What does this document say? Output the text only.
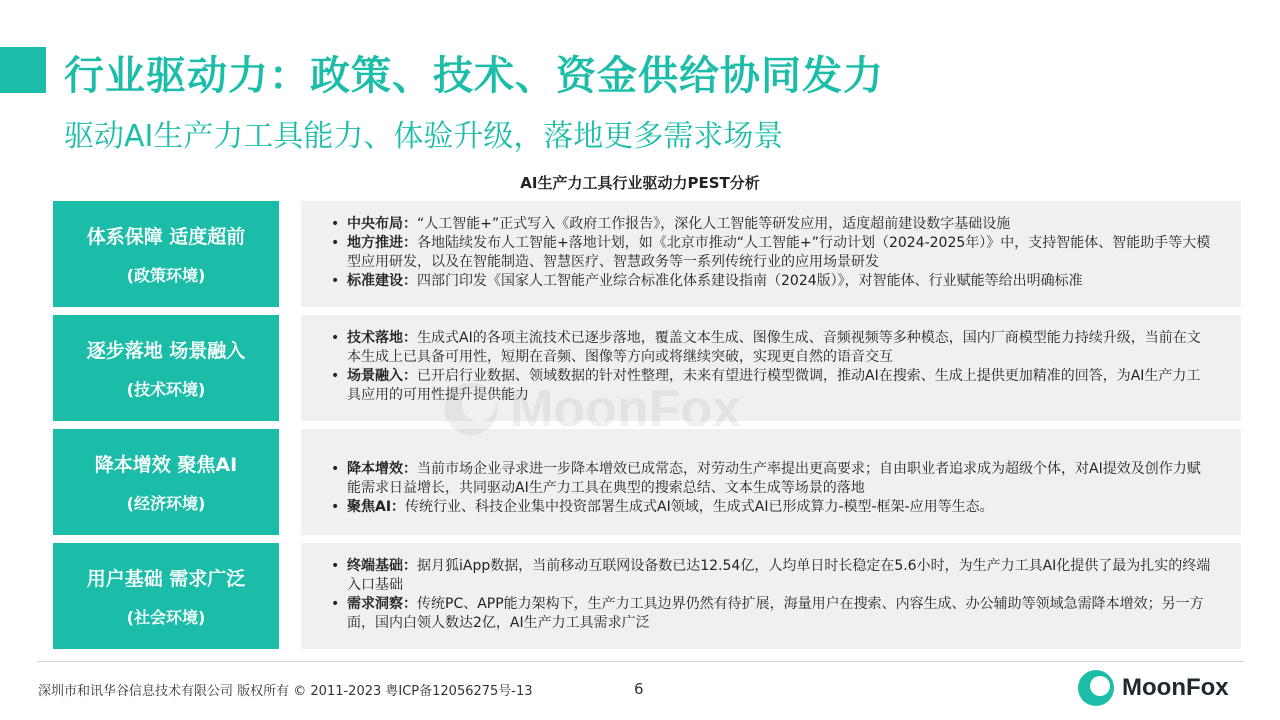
行业驱动力：政策、技术、资金供给协同发力
驱动AI生产力工具能力、体验升级，落地更多需求场景
AI生产力工具行业驱动力PEST分析
体系保障 适度超前
(政策环境)
• 中央布局：“人工智能+”正式写入《政府工作报告》，深化人工智能等研发应用，适度超前建设数字基础设施
• 地方推进：各地陆续发布人工智能+落地计划，如《北京市推动“人工智能+”行动计划（2024-2025年）》中，支持智能体、智能助手等大模型应用研发，以及在智能制造、智慧医疗、智慧政务等一系列传统行业的应用场景研发
• 标准建设：四部门印发《国家人工智能产业综合标准化体系建设指南（2024版）》，对智能体、行业赋能等给出明确标准
逐步落地 场景融入
(技术环境)
• 技术落地：生成式AI的各项主流技术已逐步落地，覆盖文本生成、图像生成、音频视频等多种模态，国内厂商模型能力持续升级，当前在文本生成上已具备可用性，短期在音频、图像等方向或将继续突破，实现更自然的语音交互
• 场景融入：已开启行业数据、领域数据的针对性整理，未来有望进行模型微调，推动AI在搜索、生成上提供更加精准的回答，为AI生产力工具应用的可用性提升提供能力
降本增效 聚焦AI
(经济环境)
• 降本增效：当前市场企业寻求进一步降本增效已成常态，对劳动生产率提出更高要求；自由职业者追求成为超级个体，对AI提效及创作力赋能需求日益增长，共同驱动AI生产力工具在典型的搜索总结、文本生成等场景的落地
• 聚焦AI：传统行业、科技企业集中投资部署生成式AI领域，生成式AI已形成算力-模型-框架-应用等生态。
用户基础 需求广泛
(社会环境)
• 终端基础：据月狐iApp数据，当前移动互联网设备数已达12.54亿，人均单日时长稳定在5.6小时，为生产力工具AI化提供了最为扎实的终端入口基础
• 需求洞察：传统PC、APP能力架构下，生产力工具边界仍然有待扩展，海量用户在搜索、内容生成、办公辅助等领域急需降本增效；另一方面，国内白领人数达2亿，AI生产力工具需求广泛
深圳市和讯华谷信息技术有限公司 版权所有 © 2011-2023 粤ICP备12056275号-13	6	MoonFox
